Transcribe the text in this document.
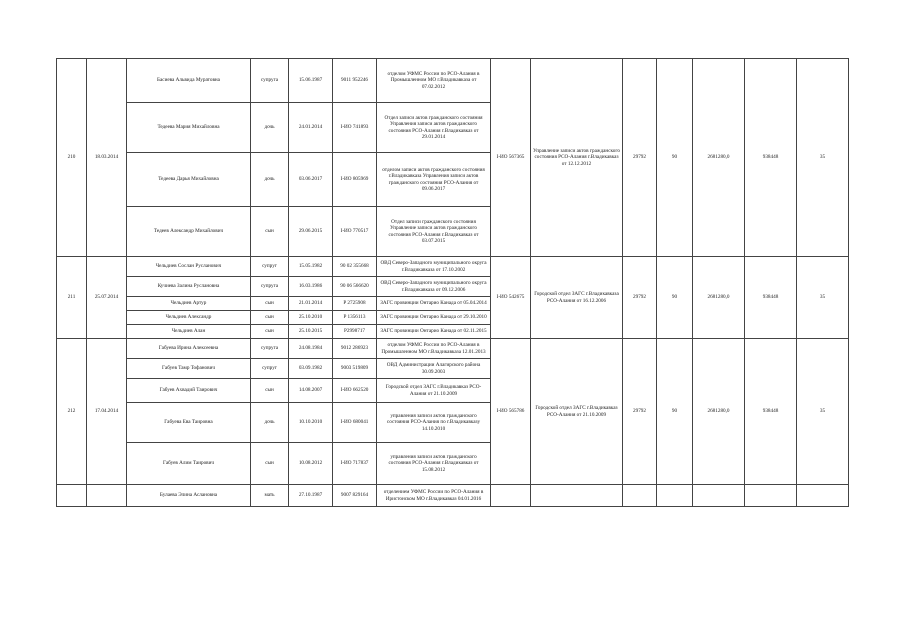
210	18.03.2014	Басиева Альвида Муратовна	супруга	15.06.1987	9011 952246	отделом УФМС России по РСО-Алания в Промышленном МО г.Владикавказа от 07.02.2012	I-ИО 567365	Управление записи актов гражданского состояния РСО-Алания г.Владикавказ от 12.12.2012	29792	90	2681280,0	938448	35
		Тедеева Мария Михайловна	дочь	24.01.2014	I-ИО 741893	Отдел записи актов гражданского состояния Управления записи актов гражданского состояния РСО-Алания г.Владикавказ от 29.01.2014							
		Тедеева Дарья Михайловна	дочь	03.06.2017	I-ИО 805969	отделом записи актов гражданского состояния г.Владикавказа Управления записи актов гражданского состояния РСО-Алания от 09.06.2017							
		Тедеев Александр Михайлович	сын	29.06.2015	I-ИО 770517	Отдел записи гражданского состояния Управление записи актов гражданского состояния РСО-Алания г.Владикавказ от 03.07.2015							
211	25.07.2014	Чельдиев Сослан Русланович	супруг	15.05.1982	90 02 355668	ОВД Северо-Западного муниципального округа г.Владикавказа от 17.10.2002	I-ИО 542675	Городской отдел ЗАГС г.Владикавказа РСО-Алания от 16.12.2006	29792	90	2681280,0	938448	35
		Кучиева Залина Руслановна	супруга	16.03.1986	90 06 566620	ОВД Северо-Западного муниципального округа г.Владикавказа от 09.12.2006							
		Чельдиев Артур	сын	21.01.2014	P 2725908	ЗАГС провинции Онтарио Канада от 05.04.2014							
		Чельдиев Александр	сын	25.10.2010	P 1356113	ЗАГС провинции Онтарио Канада от 29.10.2010							
		Чельдиев Алан	сын	25.10.2015	P2998717	ЗАГС провинции Онтарио Канада от 02.11.2015							
212	17.04.2014	Габуева Ирина Алексеевна	супруга	24.08.1984	9012 286923	отделом УФМС России по РСО-Алания в Промышленном МО г.Владикавказа 12.01.2013	I-ИО 565786	Городской отдел ЗАГС г.Владикавказ РСО-Алания от 21.10.2009	29792	90	2681280,0	938448	35
		Габуев Тамр Тофанович	супруг	03.09.1982	9003 519809	ОВД Администрации Алагирского района 30.09.2003							
		Габуев Ахвадий Таирович	сын	14.08.2007	I-ИО 662520	Городской отдел ЗАГС г.Владикавказ РСО-Алания от 21.10.2009							
		Габуева Ева Таировна	дочь	10.10.2010	I-ИО 680041	управления записи актов гражданского состояния РСО-Алания по г.Владикавказу 14.10.2010							
		Габуев Алим Таирович	сын	10.08.2012	I-ИО 717837	управления записи актов гражданского состояния РСО-Алания г.Владикавказ от 15.08.2012							
		Булаева Элина Аслановна	мать	27.10.1987	9007 829164	отделением УФМС России по РСО-Алания в Иристонском МО г.Владикавказ 04.01.2016							
